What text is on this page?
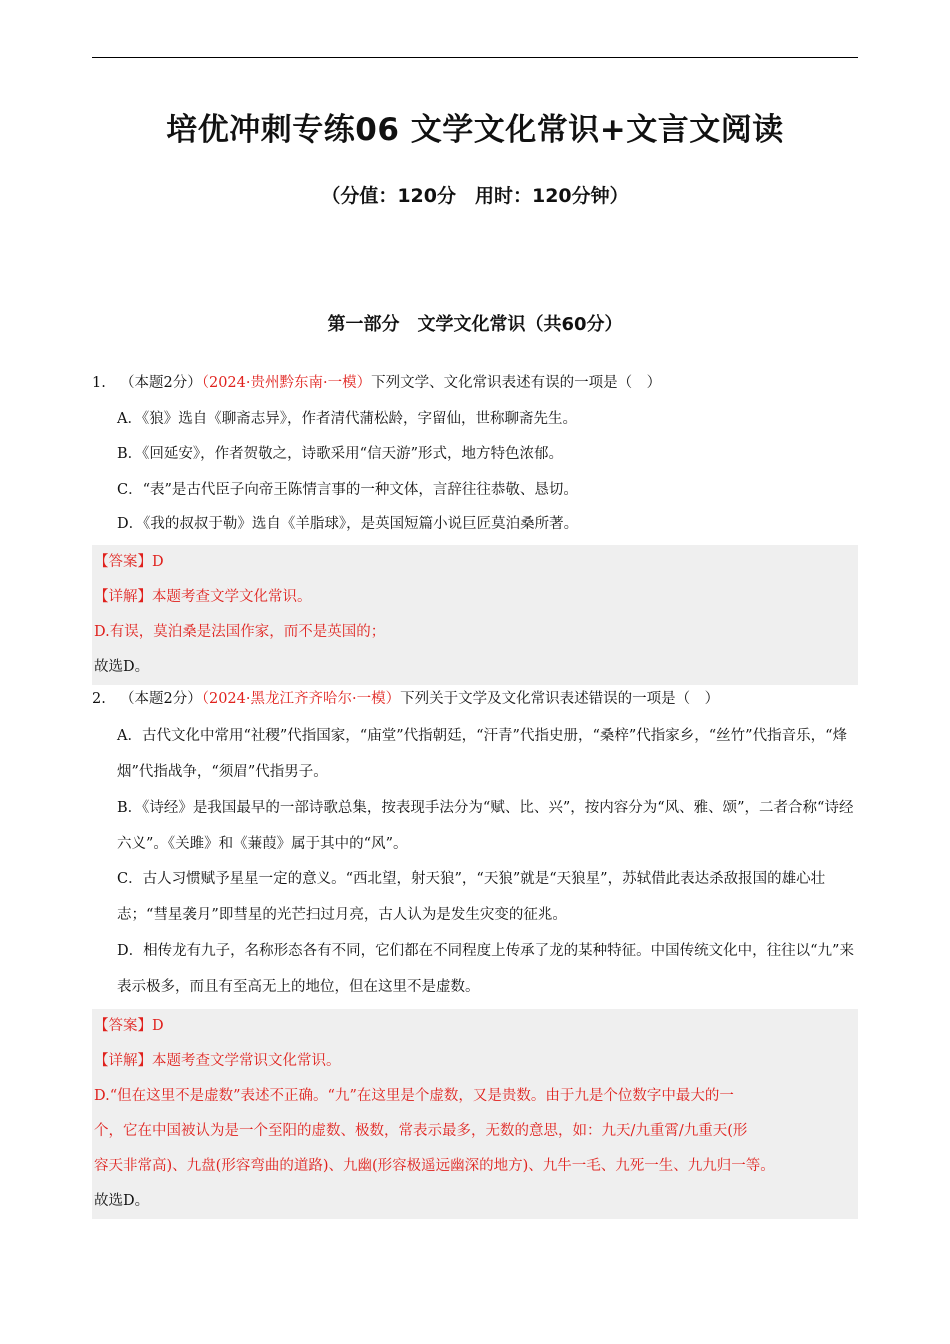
培优冲刺专练06 文学文化常识+文言文阅读
（分值：120分　用时：120分钟）
第一部分　文学文化常识（共60分）
1. （本题2分）（2024·贵州黔东南·一模）下列文学、文化常识表述有误的一项是（　）
A．《狼》选自《聊斋志异》，作者清代蒲松龄，字留仙，世称聊斋先生。
B．《回延安》，作者贺敬之，诗歌采用“信天游”形式，地方特色浓郁。
C．“表”是古代臣子向帝王陈情言事的一种文体，言辞往往恭敬、恳切。
D．《我的叔叔于勒》选自《羊脂球》，是英国短篇小说巨匠莫泊桑所著。
【答案】D
【详解】本题考查文学文化常识。
D.有误，莫泊桑是法国作家，而不是英国的；
故选D。
2. （本题2分）（2024·黑龙江齐齐哈尔·一模）下列关于文学及文化常识表述错误的一项是（　）
A．古代文化中常用“社稷”代指国家，“庙堂”代指朝廷，“汗青”代指史册，“桑梓”代指家乡，“丝竹”代指音乐，“烽烟”代指战争，“须眉”代指男子。
B．《诗经》是我国最早的一部诗歌总集，按表现手法分为“赋、比、兴”，按内容分为“风、雅、颂”，二者合称“诗经六义”。《关雎》和《蒹葭》属于其中的“风”。
C．古人习惯赋予星星一定的意义。“西北望，射天狼”，“天狼”就是“天狼星”，苏轼借此表达杀敌报国的雄心壮志；“彗星袭月”即彗星的光芒扫过月亮，古人认为是发生灾变的征兆。
D．相传龙有九子，名称形态各有不同，它们都在不同程度上传承了龙的某种特征。中国传统文化中，往往以“九”来表示极多，而且有至高无上的地位，但在这里不是虚数。
【答案】D
【详解】本题考查文学常识文化常识。
D.“但在这里不是虚数”表述不正确。“九”在这里是个虚数，又是贵数。由于九是个位数字中最大的一
个，它在中国被认为是一个至阳的虚数、极数，常表示最多，无数的意思，如：九天/九重霄/九重天(形
容天非常高)、九盘(形容弯曲的道路)、九幽(形容极遥远幽深的地方)、九牛一毛、九死一生、九九归一等。
故选D。
